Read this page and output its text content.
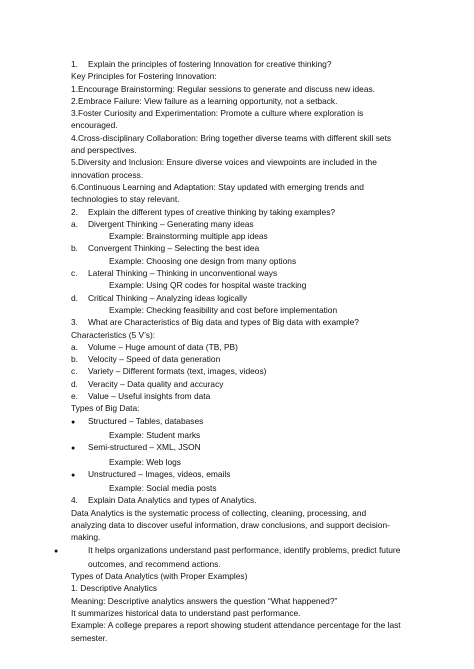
1. Explain the principles of fostering Innovation for creative thinking?
Key Principles for Fostering Innovation:
1.Encourage Brainstorming: Regular sessions to generate and discuss new ideas.
2.Embrace Failure: View failure as a learning opportunity, not a setback.
3.Foster Curiosity and Experimentation: Promote a culture where exploration is encouraged.
4.Cross-disciplinary Collaboration: Bring together diverse teams with different skill sets and perspectives.
5.Diversity and Inclusion: Ensure diverse voices and viewpoints are included in the innovation process.
6.Continuous Learning and Adaptation: Stay updated with emerging trends and technologies to stay relevant.
2. Explain the different types of creative thinking by taking examples?
a. Divergent Thinking – Generating many ideas
Example: Brainstorming multiple app ideas
b. Convergent Thinking – Selecting the best idea
Example: Choosing one design from many options
c. Lateral Thinking – Thinking in unconventional ways
Example: Using QR codes for hospital waste tracking
d. Critical Thinking – Analyzing ideas logically
Example: Checking feasibility and cost before implementation
3. What are Characteristics of Big data and types of Big data with example?
Characteristics (5 V’s):
a. Volume – Huge amount of data (TB, PB)
b. Velocity – Speed of data generation
c. Variety – Different formats (text, images, videos)
d. Veracity – Data quality and accuracy
e. Value – Useful insights from data
Types of Big Data:
● Structured – Tables, databases
Example: Student marks
● Semi-structured – XML, JSON
Example: Web logs
● Unstructured – Images, videos, emails
Example: Social media posts
4. Explain Data Analytics and types of Analytics.
Data Analytics is the systematic process of collecting, cleaning, processing, and analyzing data to discover useful information, draw conclusions, and support decision-making.
●	It helps organizations understand past performance, identify problems, predict future outcomes, and recommend actions.
Types of Data Analytics (with Proper Examples)
1. Descriptive Analytics
Meaning: Descriptive analytics answers the question “What happened?”
It summarizes historical data to understand past performance.
Example: A college prepares a report showing student attendance percentage for the last semester.
